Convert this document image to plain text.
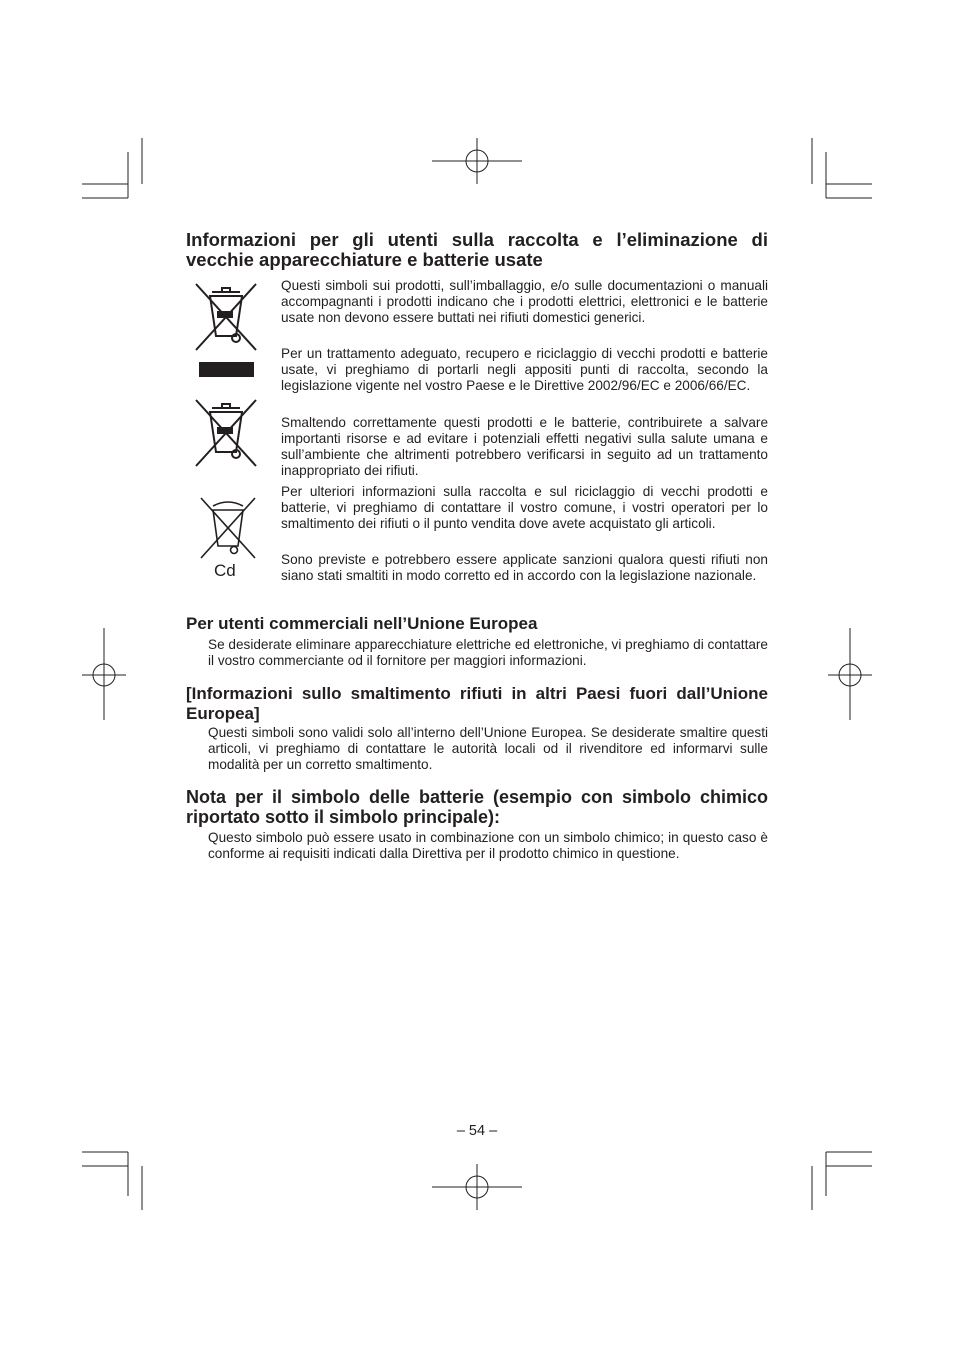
Informazioni per gli utenti sulla raccolta e l’eliminazione di vecchie apparecchiature e batterie usate
Cd
Questi simboli sui prodotti, sull’imballaggio, e/o sulle documentazioni o manuali accompagnanti i prodotti indicano che i prodotti elettrici, elettronici e le batterie usate non devono essere buttati nei rifiuti domestici generici.
Per un trattamento adeguato, recupero e riciclaggio di vecchi prodotti e batterie usate, vi preghiamo di portarli negli appositi punti di raccolta, secondo la legislazione vigente nel vostro Paese e le Direttive 2002/96/EC e 2006/66/EC.
Smaltendo correttamente questi prodotti e le batterie, contribuirete a salvare importanti risorse e ad evitare i potenziali effetti negativi sulla salute umana e sull’ambiente che altrimenti potrebbero verificarsi in seguito ad un trattamento inappropriato dei rifiuti.
Per ulteriori informazioni sulla raccolta e sul riciclaggio di vecchi prodotti e batterie, vi preghiamo di contattare il vostro comune, i vostri operatori per lo smaltimento dei rifiuti o il punto vendita dove avete acquistato gli articoli.
Sono previste e potrebbero essere applicate sanzioni qualora questi rifiuti non siano stati smaltiti in modo corretto ed in accordo con la legislazione nazionale.
Per utenti commerciali nell’Unione Europea
Se desiderate eliminare apparecchiature elettriche ed elettroniche, vi preghiamo di contattare il vostro commerciante od il fornitore per maggiori informazioni.
[Informazioni sullo smaltimento rifiuti in altri Paesi fuori dall’Unione Europea]
Questi simboli sono validi solo all’interno dell’Unione Europea. Se desiderate smaltire questi articoli, vi preghiamo di contattare le autorità locali od il rivenditore ed informarvi sulle modalità per un corretto smaltimento.
Nota per il simbolo delle batterie (esempio con simbolo chimico riportato sotto il simbolo principale):
Questo simbolo può essere usato in combinazione con un simbolo chimico; in questo caso è conforme ai requisiti indicati dalla Direttiva per il prodotto chimico in questione.
– 54 –
